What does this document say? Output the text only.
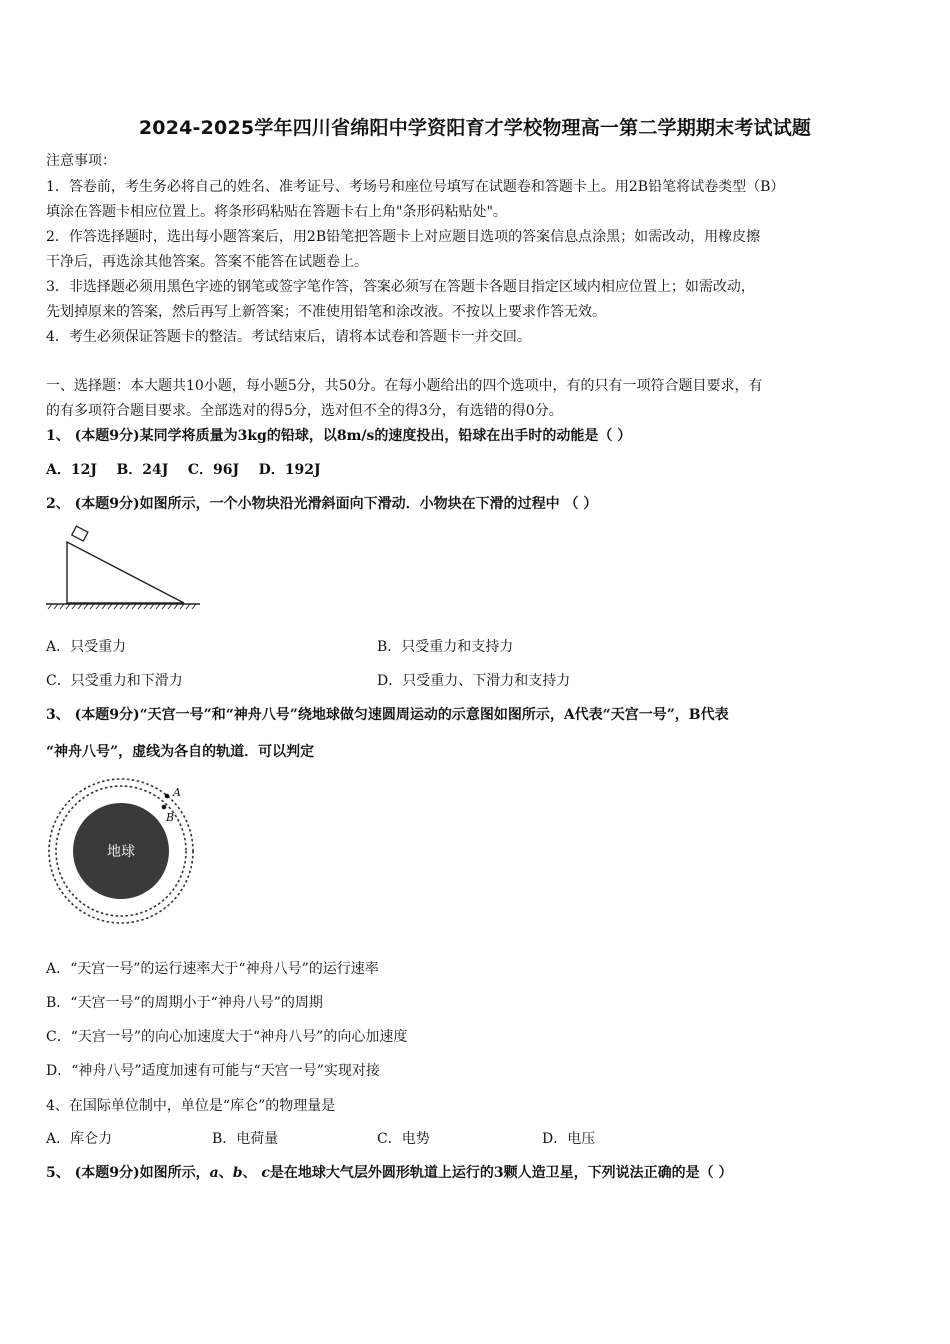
2024-2025学年四川省绵阳中学资阳育才学校物理高一第二学期期末考试试题
注意事项：
1．答卷前，考生务必将自己的姓名、准考证号、考场号和座位号填写在试题卷和答题卡上。用2B铅笔将试卷类型（B）
填涂在答题卡相应位置上。将条形码粘贴在答题卡右上角"条形码粘贴处"。
2．作答选择题时，选出每小题答案后，用2B铅笔把答题卡上对应题目选项的答案信息点涂黑；如需改动，用橡皮擦
干净后，再选涂其他答案。答案不能答在试题卷上。
3．非选择题必须用黑色字迹的钢笔或签字笔作答，答案必须写在答题卡各题目指定区域内相应位置上；如需改动，
先划掉原来的答案，然后再写上新答案；不准使用铅笔和涂改液。不按以上要求作答无效。
4．考生必须保证答题卡的整洁。考试结束后，请将本试卷和答题卡一并交回。
一、选择题：本大题共10小题，每小题5分，共50分。在每小题给出的四个选项中，有的只有一项符合题目要求，有
的有多项符合题目要求。全部选对的得5分，选对但不全的得3分，有选错的得0分。
1、 (本题9分)某同学将质量为3kg的铅球，以8m/s的速度投出，铅球在出手时的动能是（ ）
A．12J    B．24J    C．96J    D．192J
2、 (本题9分)如图所示，一个小物块沿光滑斜面向下滑动．小物块在下滑的过程中 （ ）
A．只受重力	B．只受重力和支持力
C．只受重力和下滑力	D．只受重力、下滑力和支持力
3、 (本题9分)“天宫一号”和“神舟八号”绕地球做匀速圆周运动的示意图如图所示，A代表“天宫一号”，B代表
“神舟八号”，虚线为各自的轨道．可以判定
地球
A
B
A．“天宫一号”的运行速率大于“神舟八号”的运行速率
B．“天宫一号”的周期小于“神舟八号”的周期
C．“天宫一号”的向心加速度大于“神舟八号”的向心加速度
D．“神舟八号”适度加速有可能与“天宫一号”实现对接
4、在国际单位制中，单位是“库仑”的物理量是
A．库仑力	B．电荷量	C．电势	D．电压
5、 (本题9分)如图所示，a、b、 c是在地球大气层外圆形轨道上运行的3颗人造卫星，下列说法正确的是（ ）
